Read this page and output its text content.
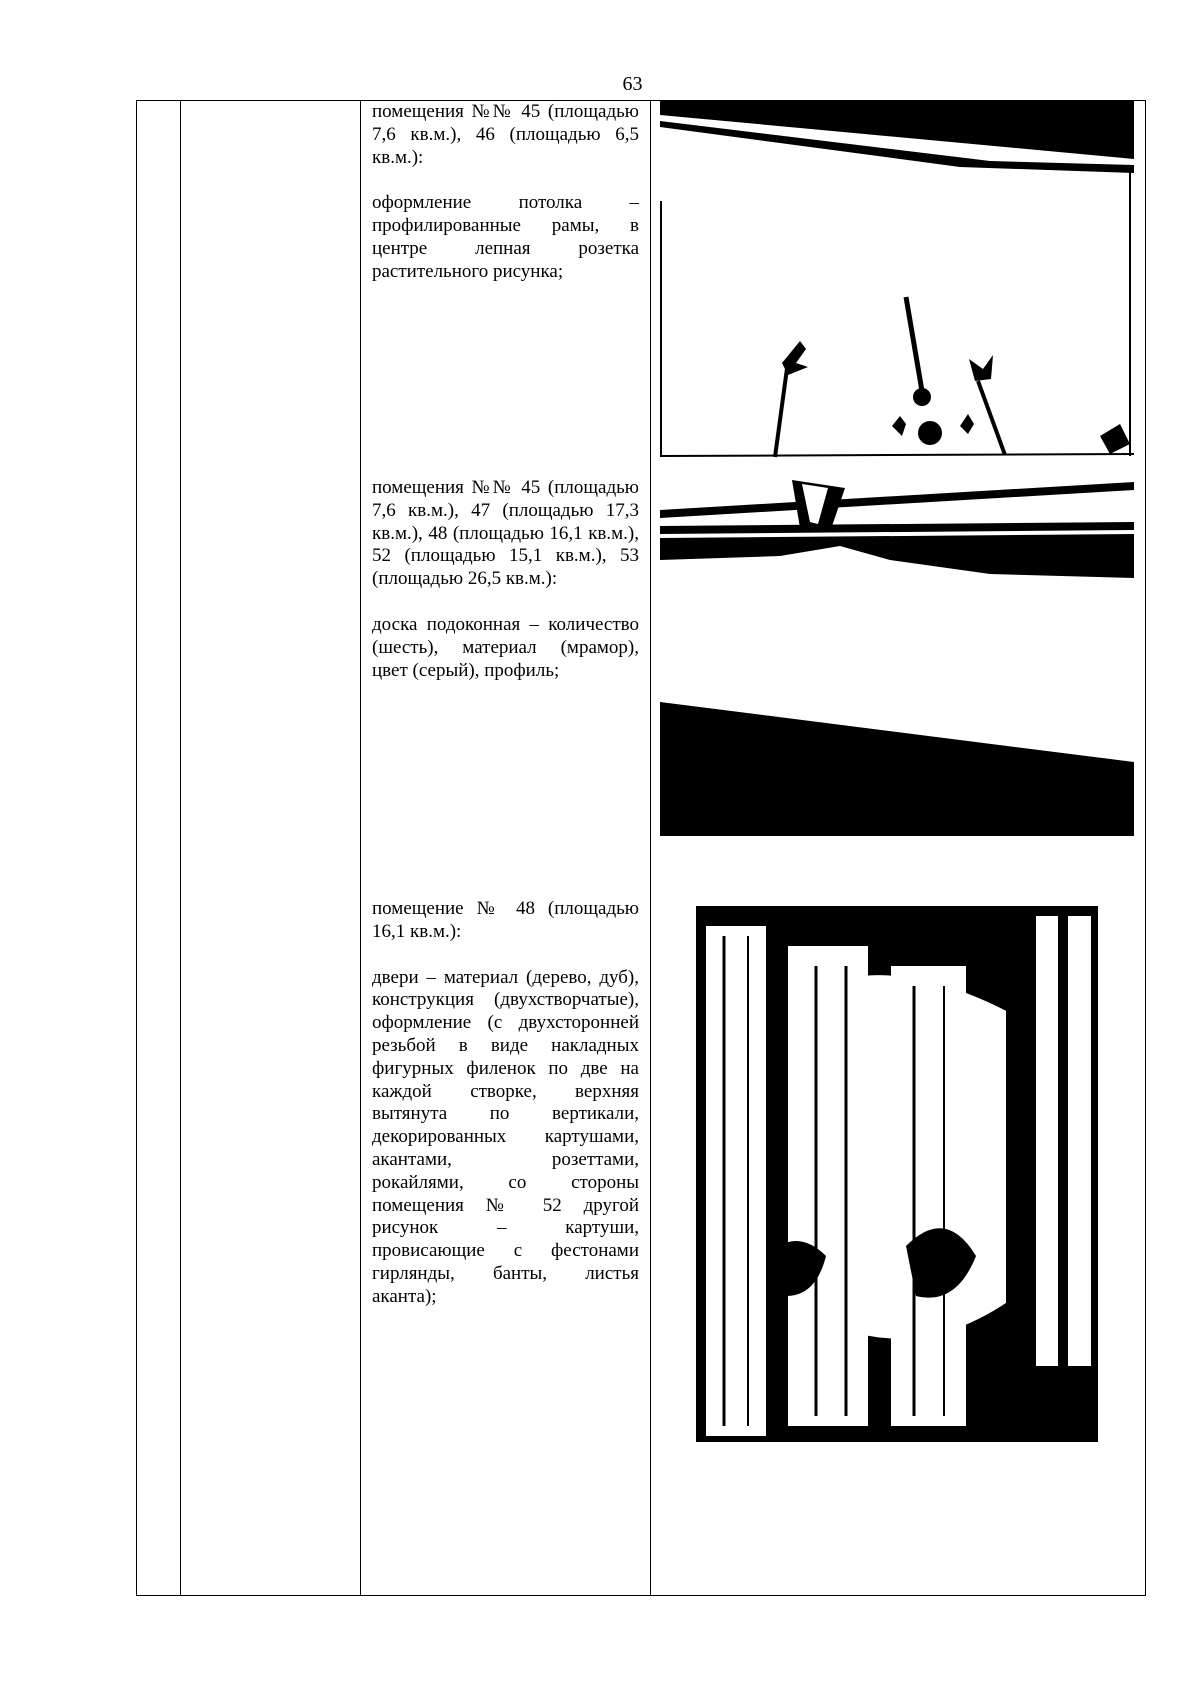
63

помещения №№ 45 (площадью 7,6 кв.м.), 46 (площадью 6,5 кв.м.):

оформление потолка – профилированные рамы, в центре лепная розетка растительного рисунка;

помещения №№ 45 (площадью 7,6 кв.м.), 47 (площадью 17,3 кв.м.), 48 (площадью 16,1 кв.м.), 52 (площадью 15,1 кв.м.), 53 (площадью 26,5 кв.м.):

доска подоконная – количество (шесть), материал (мрамор), цвет (серый), профиль;

помещение № 48 (площадью 16,1 кв.м.):

двери – материал (дерево, дуб), конструкция (двухстворчатые), оформление (с двухсторонней резьбой в виде накладных фигурных филенок по две на каждой створке, верхняя вытянута по вертикали, декорированных картушами, акантами, розеттами, рокайлями, со стороны помещения № 52 другой рисунок – картуши, провисающие с фестонами гирлянды, банты, листья аканта);
